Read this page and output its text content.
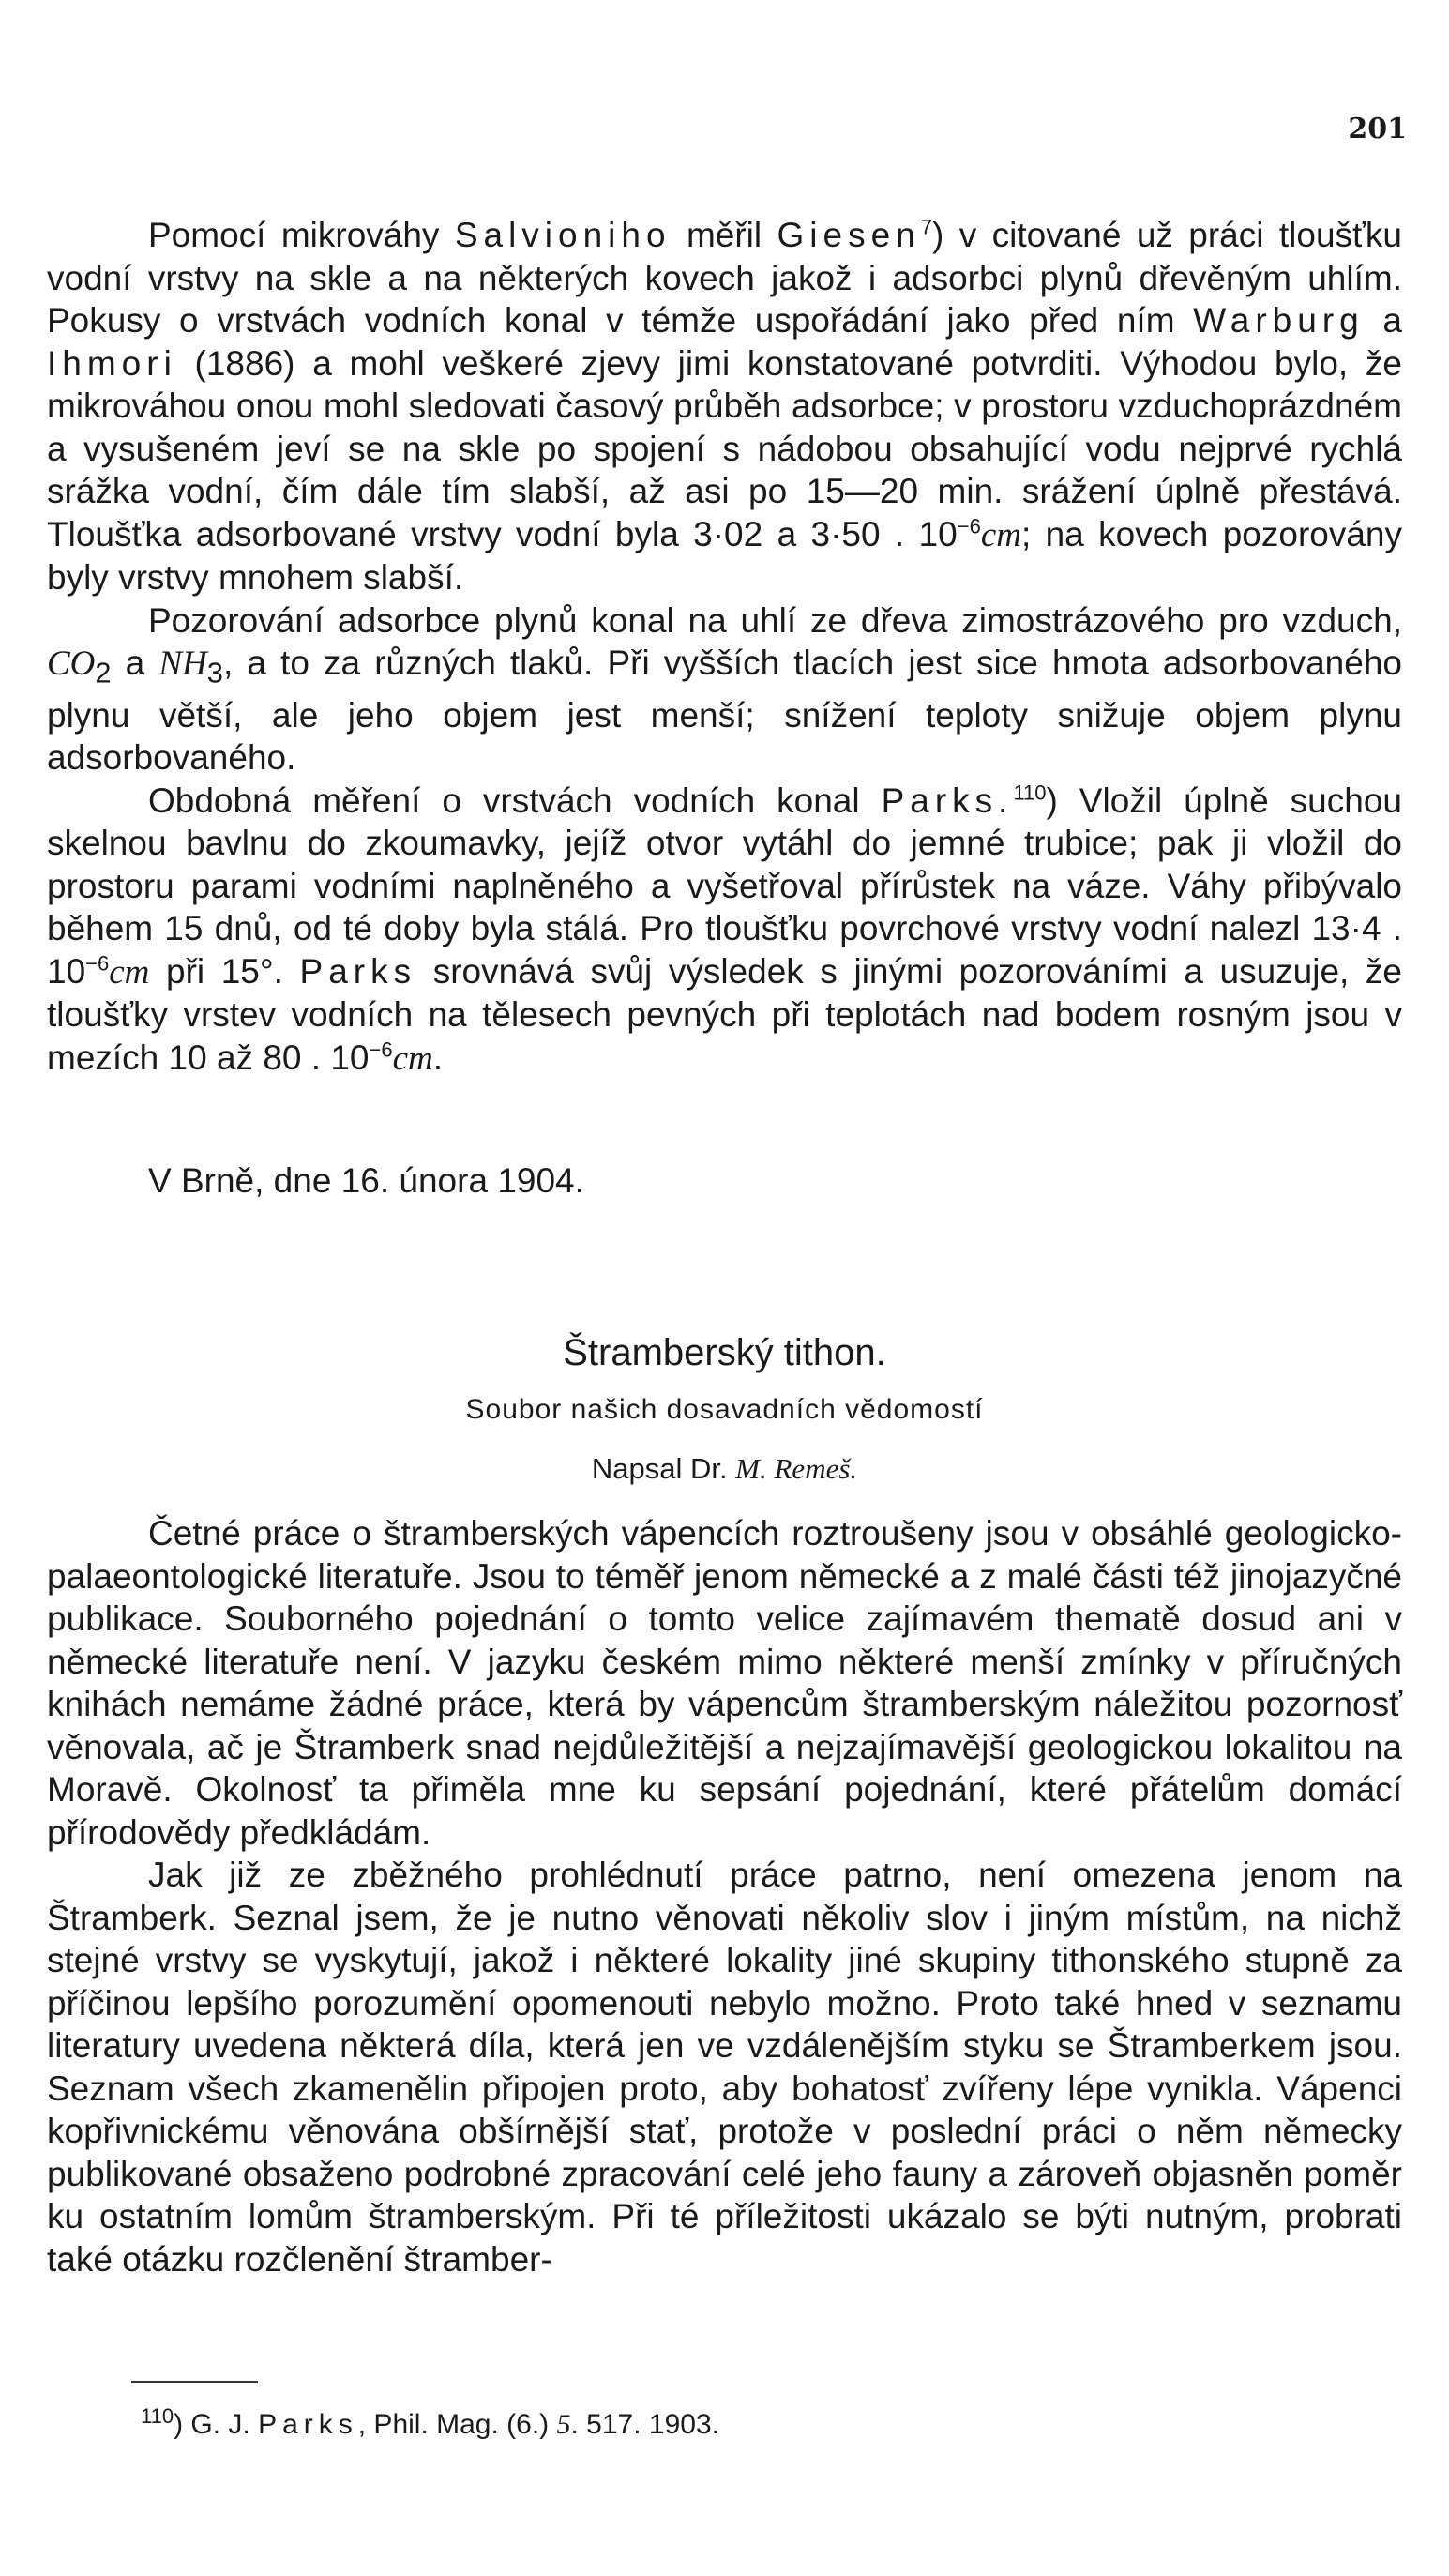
201

Pomocí mikrováhy Salvioniho měřil Giesen$^7$) v citované už práci tloušťku vodní vrstvy na skle a na některých kovech jakož i adsorbci plynů dřevěným uhlím. Pokusy o vrstvách vodních konal v témže uspořádání jako před ním Warburg a Ihmori (1886) a mohl veškeré zjevy jimi konstatované potvrditi. Výhodou bylo, že mikrováhou onou mohl sledovati časový průběh adsorbce; v prostoru vzduchoprázdném a vysušeném jeví se na skle po spojení s nádobou obsahující vodu nejprvé rychlá srážka vodní, čím dále tím slabší, až asi po 15—20 min. srážení úplně přestává. Tloušťka adsorbované vrstvy vodní byla 3·02 a 3·50 . $10^{-6}cm$; na kovech pozorovány byly vrstvy mnohem slabší.

Pozorování adsorbce plynů konal na uhlí ze dřeva zimostrázového pro vzduch, $CO_2$ a $NH_3$, a to za různých tlaků. Při vyšších tlacích jest sice hmota adsorbovaného plynu větší, ale jeho objem jest menší; snížení teploty snižuje objem plynu adsorbovaného.

Obdobná měření o vrstvách vodních konal Parks.$^{110}$) Vložil úplně suchou skelnou bavlnu do zkoumavky, jejíž otvor vytáhl do jemné trubice; pak ji vložil do prostoru parami vodními naplněného a vyšetřoval přírůstek na váze. Váhy přibývalo během 15 dnů, od té doby byla stálá. Pro tloušťku povrchové vrstvy vodní nalezl 13·4 . $10^{-6}cm$ při 15°. Parks srovnává svůj výsledek s jinými pozorováními a usuzuje, že tloušťky vrstev vodních na tělesech pevných při teplotách nad bodem rosným jsou v mezích 10 až 80 . $10^{-6}cm$.

V Brně, dne 16. února 1904.
Štramberský tithon.
Soubor našich dosavadních vědomostí
Napsal Dr. M. Remeš.

Četné práce o štramberských vápencích roztroušeny jsou v obsáhlé geologicko-palaeontologické literatuře. Jsou to téměř jenom německé a z malé části též jinojazyčné publikace. Souborného pojednání o tomto velice zajímavém thematě dosud ani v německé literatuře není. V jazyku českém mimo některé menší zmínky v příručných knihách nemáme žádné práce, která by vápencům štramberským náležitou pozornosť věnovala, ač je Štramberk snad nejdůležitější a nejzajímavější geologickou lokalitou na Moravě. Okolnosť ta přiměla mne ku sepsání pojednání, které přátelům domácí přírodovědy předkládám.

Jak již ze zběžného prohlédnutí práce patrno, není omezena jenom na Štramberk. Seznal jsem, že je nutno věnovati několiv slov i jiným místům, na nichž stejné vrstvy se vyskytují, jakož i některé lokality jiné skupiny tithonského stupně za příčinou lepšího porozumění opomenouti nebylo možno. Proto také hned v seznamu literatury uvedena některá díla, která jen ve vzdálenějším styku se Štramberkem jsou. Seznam všech zkamenělin připojen proto, aby bohatosť zvířeny lépe vynikla. Vápenci kopřivnickému věnována obšírnější stať, protože v poslední práci o něm německy publikované obsaženo podrobné zpracování celé jeho fauny a zároveň objasněn poměr ku ostatním lomům štramberským. Při té příležitosti ukázalo se býti nutným, probrati také otázku rozčlenění štramber-

$^{110}$) G. J. Parks, Phil. Mag. (6.) 5. 517. 1903.
